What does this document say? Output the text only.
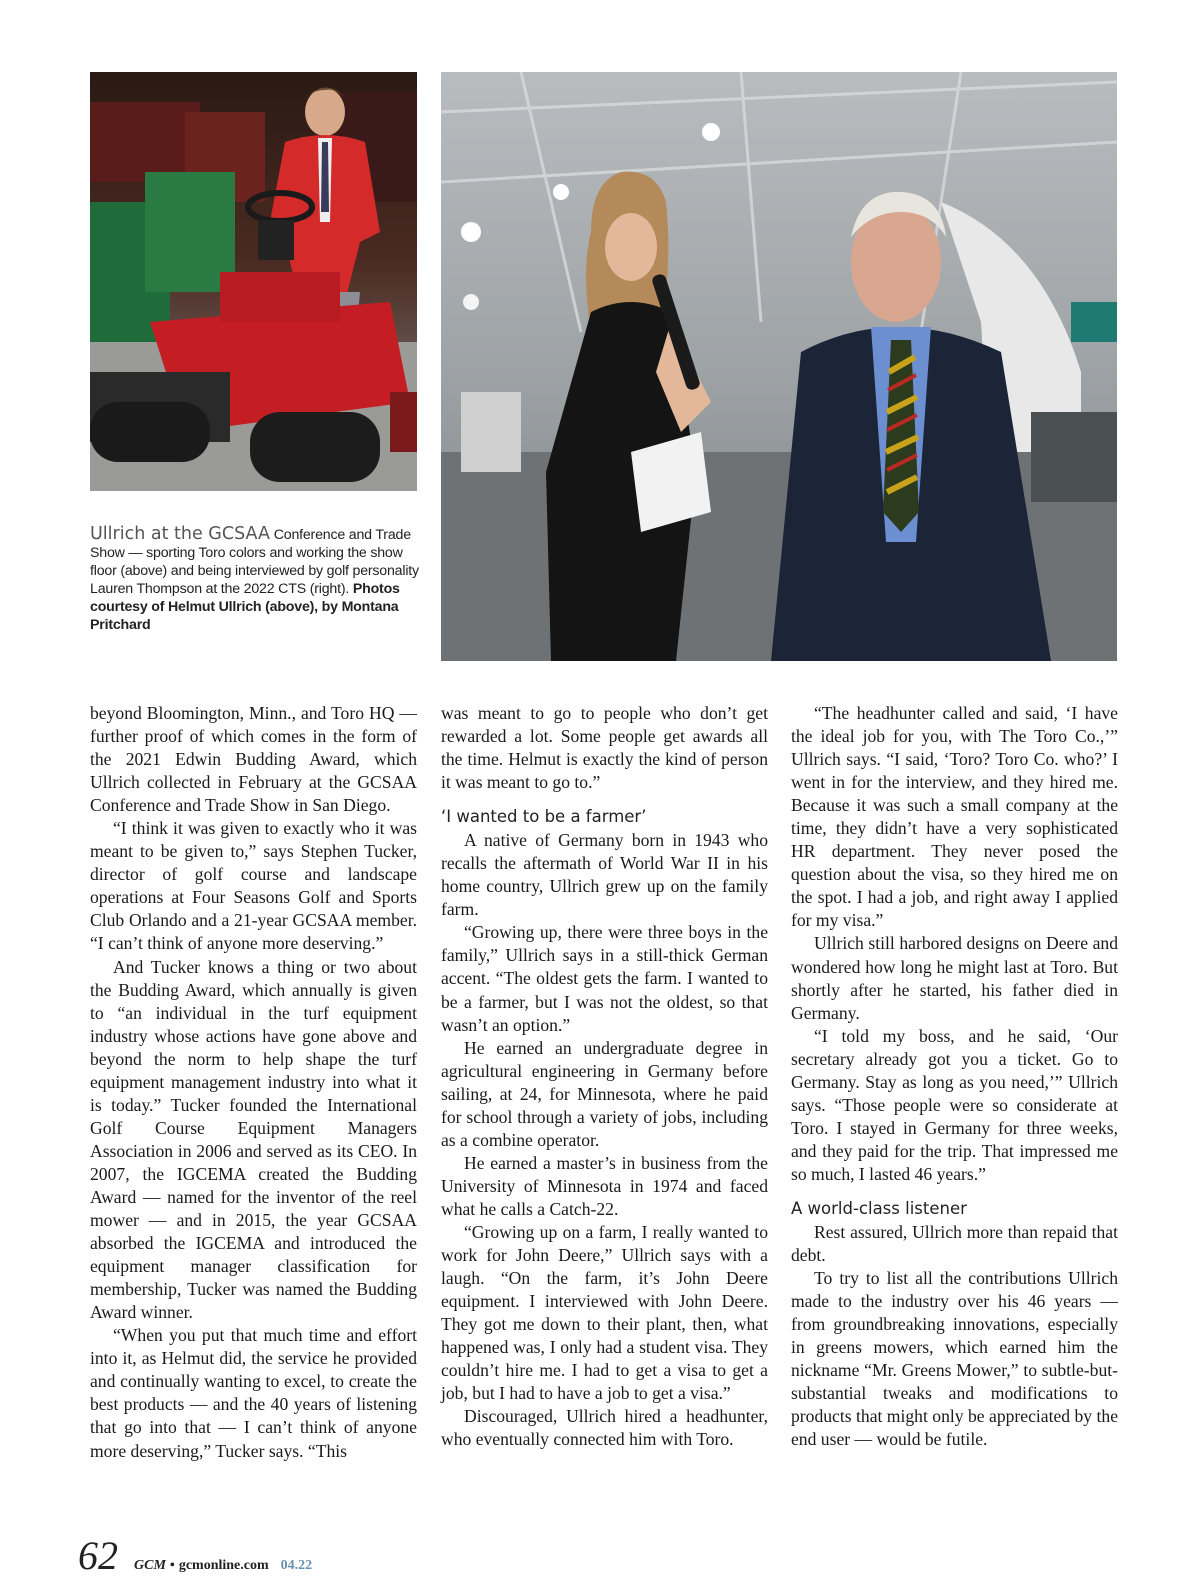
Ullrich at the GCSAA Conference and Trade Show — sporting Toro colors and working the show floor (above) and being interviewed by golf personality Lauren Thompson at the 2022 CTS (right). Photos courtesy of Helmut Ullrich (above), by Montana Pritchard

beyond Bloomington, Minn., and Toro HQ — further proof of which comes in the form of the 2021 Edwin Budding Award, which Ullrich collected in February at the GCSAA Conference and Trade Show in San Diego.

“I think it was given to exactly who it was meant to be given to,” says Stephen Tucker, director of golf course and landscape operations at Four Seasons Golf and Sports Club Orlando and a 21-year GCSAA member. “I can’t think of anyone more deserving.”

And Tucker knows a thing or two about the Budding Award, which annually is given to “an individual in the turf equipment industry whose actions have gone above and beyond the norm to help shape the turf equipment management industry into what it is today.” Tucker founded the International Golf Course Equipment Managers Association in 2006 and served as its CEO. In 2007, the IGCEMA created the Budding Award — named for the inventor of the reel mower — and in 2015, the year GCSAA absorbed the IGCEMA and introduced the equipment manager classification for membership, Tucker was named the Budding Award winner.

“When you put that much time and effort into it, as Helmut did, the service he provided and continually wanting to excel, to create the best products — and the 40 years of listening that go into that — I can’t think of anyone more deserving,” Tucker says. “This

was meant to go to people who don’t get rewarded a lot. Some people get awards all the time. Helmut is exactly the kind of person it was meant to go to.”

‘I wanted to be a farmer’

A native of Germany born in 1943 who recalls the aftermath of World War II in his home country, Ullrich grew up on the family farm.

“Growing up, there were three boys in the family,” Ullrich says in a still-thick German accent. “The oldest gets the farm. I wanted to be a farmer, but I was not the oldest, so that wasn’t an option.”

He earned an undergraduate degree in agricultural engineering in Germany before sailing, at 24, for Minnesota, where he paid for school through a variety of jobs, including as a combine operator.

He earned a master’s in business from the University of Minnesota in 1974 and faced what he calls a Catch-22.

“Growing up on a farm, I really wanted to work for John Deere,” Ullrich says with a laugh. “On the farm, it’s John Deere equipment. I interviewed with John Deere. They got me down to their plant, then, what happened was, I only had a student visa. They couldn’t hire me. I had to get a visa to get a job, but I had to have a job to get a visa.”

Discouraged, Ullrich hired a headhunter, who eventually connected him with Toro.

“The headhunter called and said, ‘I have the ideal job for you, with The Toro Co.,’” Ullrich says. “I said, ‘Toro? Toro Co. who?’ I went in for the interview, and they hired me. Because it was such a small company at the time, they didn’t have a very sophisticated HR department. They never posed the question about the visa, so they hired me on the spot. I had a job, and right away I applied for my visa.”

Ullrich still harbored designs on Deere and wondered how long he might last at Toro. But shortly after he started, his father died in Germany.

“I told my boss, and he said, ‘Our secretary already got you a ticket. Go to Germany. Stay as long as you need,’” Ullrich says. “Those people were so considerate at Toro. I stayed in Germany for three weeks, and they paid for the trip. That impressed me so much, I lasted 46 years.”

A world-class listener

Rest assured, Ullrich more than repaid that debt.

To try to list all the contributions Ullrich made to the industry over his 46 years — from groundbreaking innovations, especially in greens mowers, which earned him the nickname “Mr. Greens Mower,” to subtle-but-substantial tweaks and modifications to products that might only be appreciated by the end user — would be futile.

62 GCM • gcmonline.com 04.22
